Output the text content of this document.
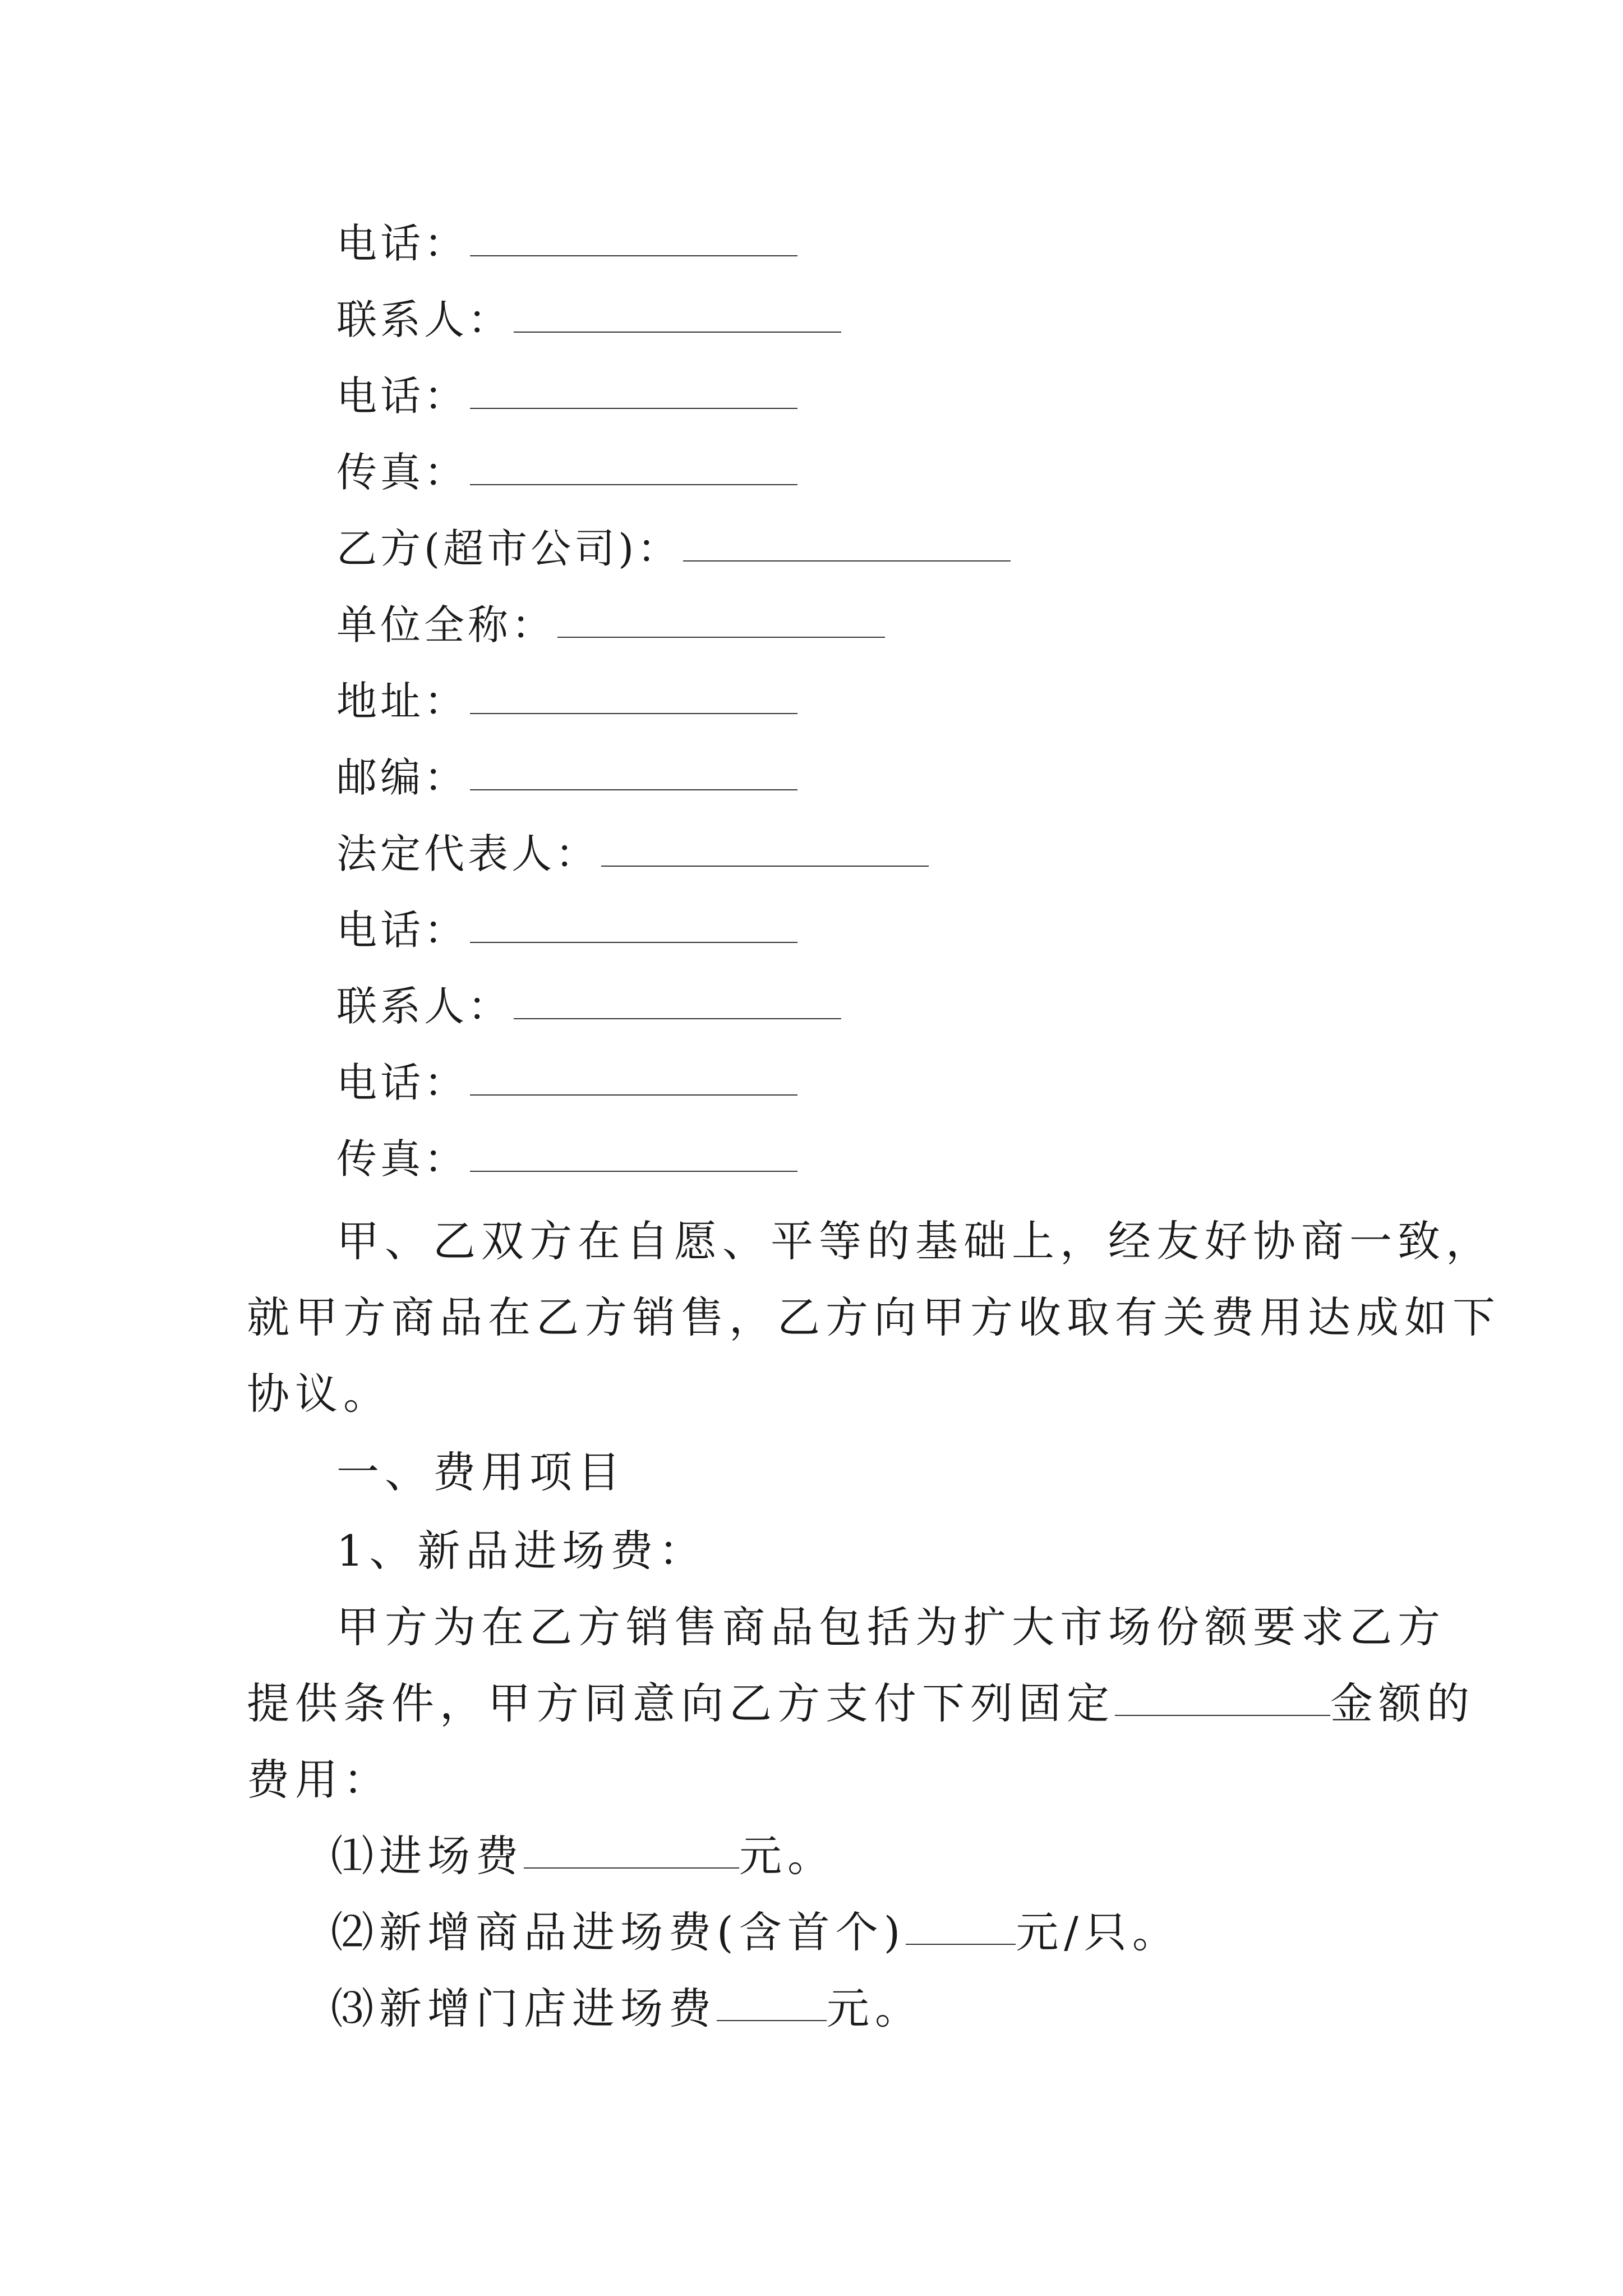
电话：
联系人：
电话：
传真：
乙方(超市公司)：
单位全称：
地址：
邮编：
法定代表人：
电话：
联系人：
电话：
传真：
甲、乙双方在自愿、平等的基础上，经友好协商一致，
就甲方商品在乙方销售，乙方向甲方收取有关费用达成如下
协议。
一、费用项目
1、新品进场费：
甲方为在乙方销售商品包括为扩大市场份额要求乙方
提供条件，甲方同意向乙方支付下列固定	金额的
费用：
⑴进场费	元。
⑵新增商品进场费(含首个)	元/只。
⑶新增门店进场费	元。
